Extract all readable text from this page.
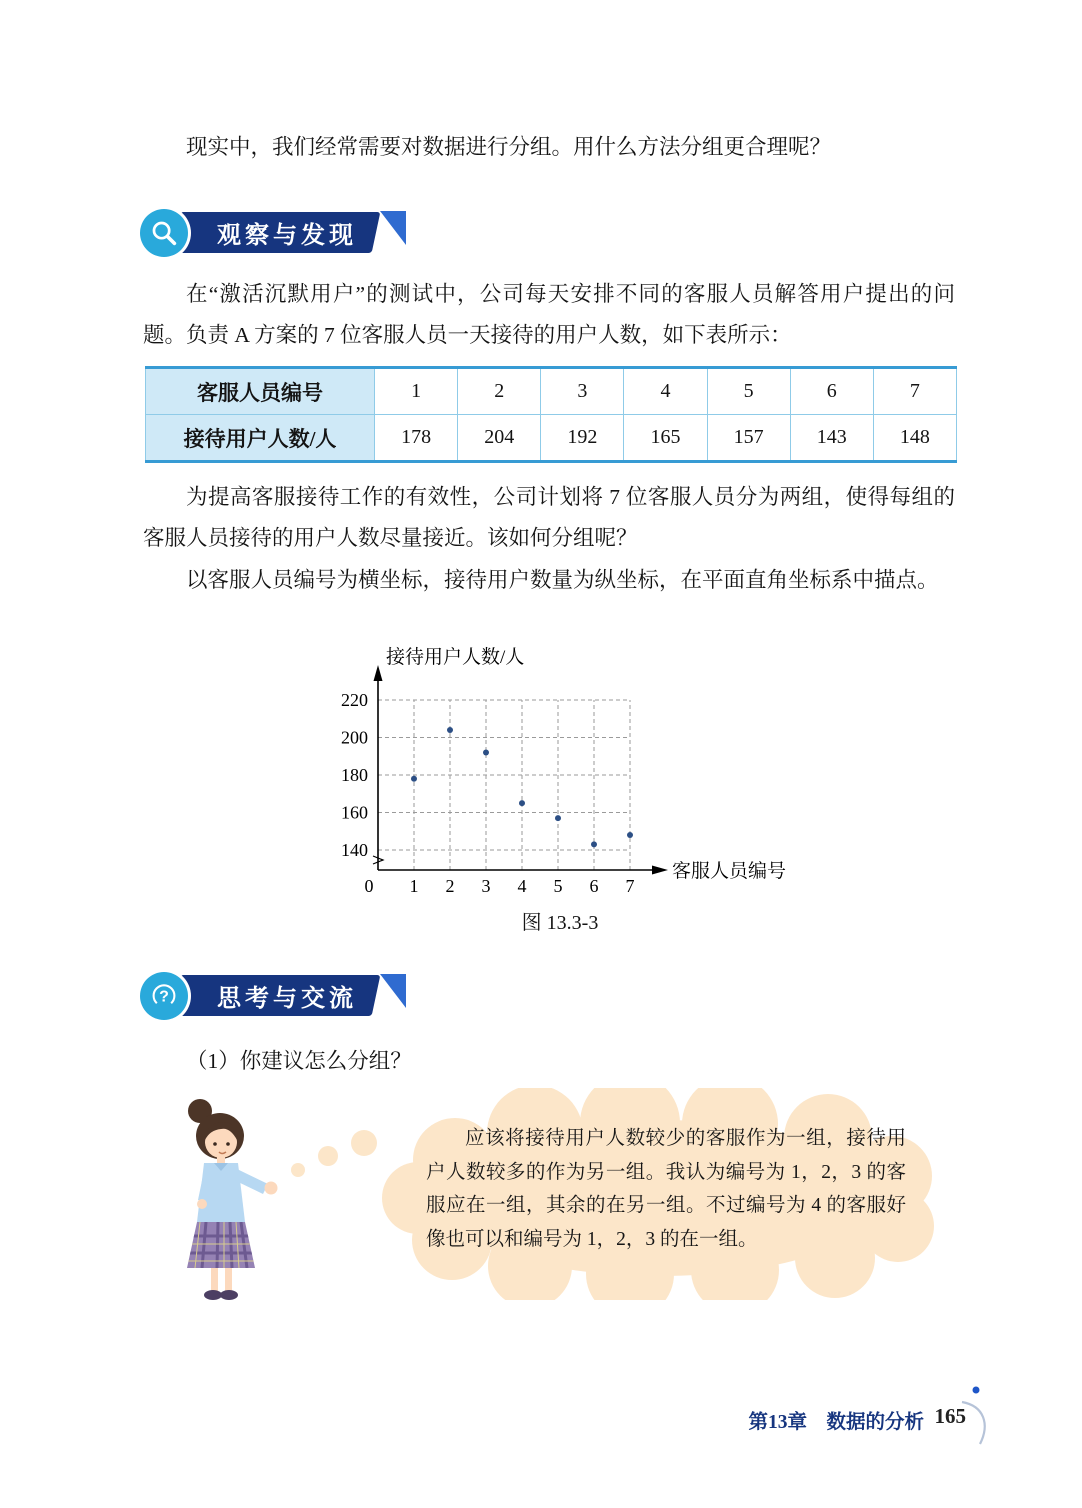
现实中，我们经常需要对数据进行分组。用什么方法分组更合理呢？

观察与发现

在“激活沉默用户”的测试中，公司每天安排不同的客服人员解答用户提出的问题。负责 A 方案的 7 位客服人员一天接待的用户人数，如下表所示：

客服人员编号	1	2	3	4	5	6	7
接待用户人数/人	178	204	192	165	157	143	148

为提高客服接待工作的有效性，公司计划将 7 位客服人员分为两组，使得每组的客服人员接待的用户人数尽量接近。该如何分组呢？

以客服人员编号为横坐标，接待用户数量为纵坐标，在平面直角坐标系中描点。

140
160
180
200
220
0 1 2 3 4 5 6 7
接待用户人数/人
客服人员编号
图 13.3-3
思考与交流
?

（1）你建议怎么分组？

应该将接待用户人数较少的客服作为一组，接待用户人数较多的作为另一组。我认为编号为 1，2，3 的客服应在一组，其余的在另一组。不过编号为 4 的客服好像也可以和编号为 1，2，3 的在一组。
第13章　数据的分析 165
